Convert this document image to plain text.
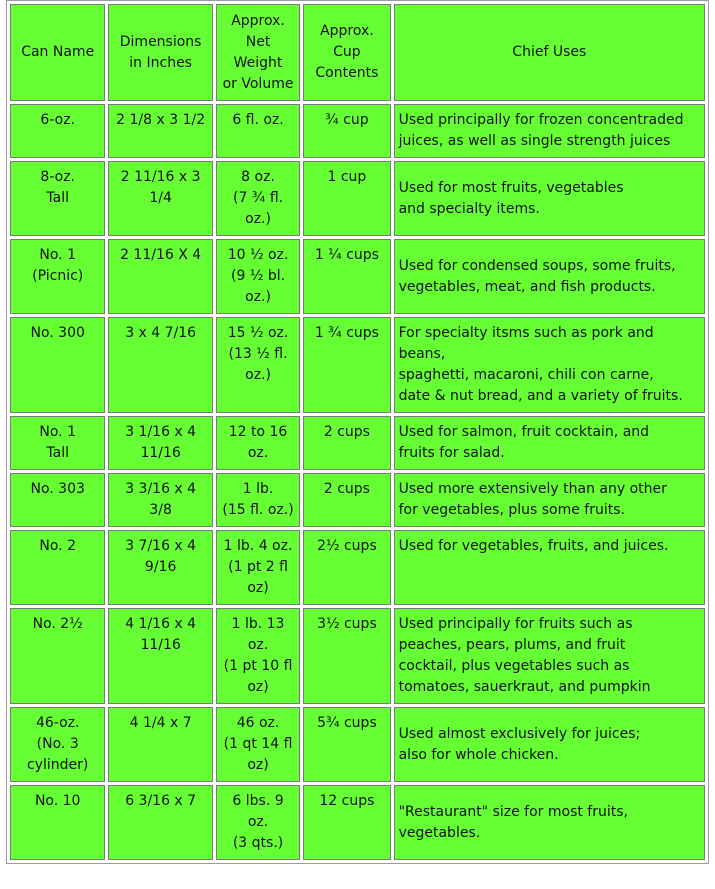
Can Name	Dimensions
in Inches	Approx.
Net
Weight
or Volume	Approx.
Cup
Contents	Chief Uses

6-oz.	2 1/8 x 3 1/2	6 fl. oz.	¾ cup	Used principally for frozen concentraded
juices, as well as single strength juices

8-oz.
Tall	2 11/16 x 3
1/4	8 oz.
(7 ¾ fl.
oz.)	1 cup	Used for most fruits, vegetables
and specialty items.

No. 1
(Picnic)	2 11/16 X 4	10 ½ oz.
(9 ½ bl.
oz.)	1 ¼ cups	Used for condensed soups, some fruits,
vegetables, meat, and fish products.

No. 300	3 x 4 7/16	15 ½ oz.
(13 ½ fl.
oz.)	1 ¾ cups	For specialty itsms such as pork and
beans,
spaghetti, macaroni, chili con carne,
date & nut bread, and a variety of fruits.

No. 1
Tall	3 1/16 x 4
11/16	12 to 16
oz.	2 cups	Used for salmon, fruit cocktain, and
fruits for salad.

No. 303	3 3/16 x 4
3/8	1 lb.
(15 fl. oz.)	2 cups	Used more extensively than any other
for vegetables, plus some fruits.

No. 2	3 7/16 x 4
9/16	1 lb. 4 oz.
(1 pt 2 fl
oz)	2½ cups	Used for vegetables, fruits, and juices.

No. 2½	4 1/16 x 4
11/16	1 lb. 13 oz.
(1 pt 10 fl
oz)	3½ cups	Used principally for fruits such as
peaches, pears, plums, and fruit
cocktail, plus vegetables such as
tomatoes, sauerkraut, and pumpkin

46-oz.
(No. 3
cylinder)	4 1/4 x 7	46 oz.
(1 qt 14 fl
oz)	5¾ cups	Used almost exclusively for juices;
also for whole chicken.

No. 10	6 3/16 x 7	6 lbs. 9
oz.
(3 qts.)	12 cups	"Restaurant" size for most fruits,
vegetables.
